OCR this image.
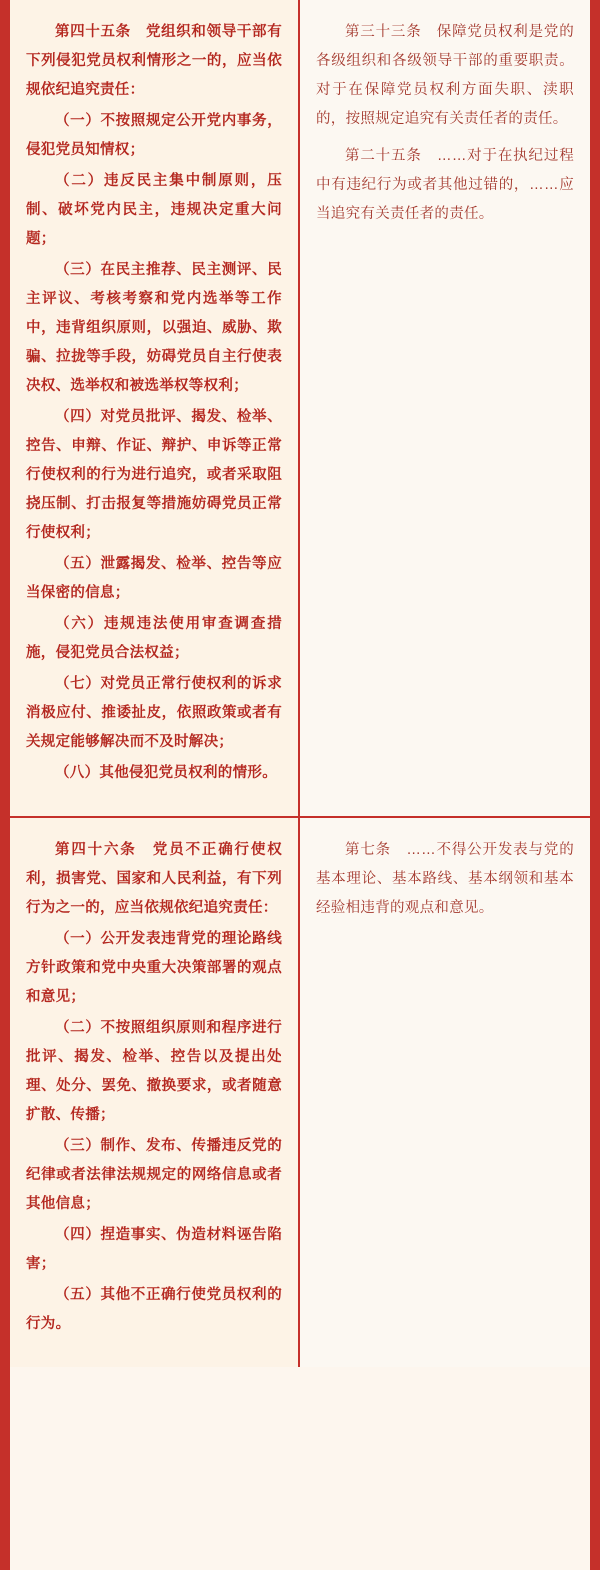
第四十五条　党组织和领导干部有下列侵犯党员权利情形之一的，应当依规依纪追究责任：

（一）不按照规定公开党内事务，侵犯党员知情权；

（二）违反民主集中制原则，压制、破坏党内民主，违规决定重大问题；

（三）在民主推荐、民主测评、民主评议、考核考察和党内选举等工作中，违背组织原则，以强迫、威胁、欺骗、拉拢等手段，妨碍党员自主行使表决权、选举权和被选举权等权利；

（四）对党员批评、揭发、检举、控告、申辩、作证、辩护、申诉等正常行使权利的行为进行追究，或者采取阻挠压制、打击报复等措施妨碍党员正常行使权利；

（五）泄露揭发、检举、控告等应当保密的信息；

（六）违规违法使用审查调查措施，侵犯党员合法权益；

（七）对党员正常行使权利的诉求消极应付、推诿扯皮，依照政策或者有关规定能够解决而不及时解决；

（八）其他侵犯党员权利的情形。

第三十三条　保障党员权利是党的各级组织和各级领导干部的重要职责。对于在保障党员权利方面失职、渎职的，按照规定追究有关责任者的责任。

第二十五条　……对于在执纪过程中有违纪行为或者其他过错的，……应当追究有关责任者的责任。

第四十六条　党员不正确行使权利，损害党、国家和人民利益，有下列行为之一的，应当依规依纪追究责任：

（一）公开发表违背党的理论路线方针政策和党中央重大决策部署的观点和意见；

（二）不按照组织原则和程序进行批评、揭发、检举、控告以及提出处理、处分、罢免、撤换要求，或者随意扩散、传播；

（三）制作、发布、传播违反党的纪律或者法律法规规定的网络信息或者其他信息；

（四）捏造事实、伪造材料诬告陷害；

（五）其他不正确行使党员权利的行为。

第七条　……不得公开发表与党的基本理论、基本路线、基本纲领和基本经验相违背的观点和意见。
